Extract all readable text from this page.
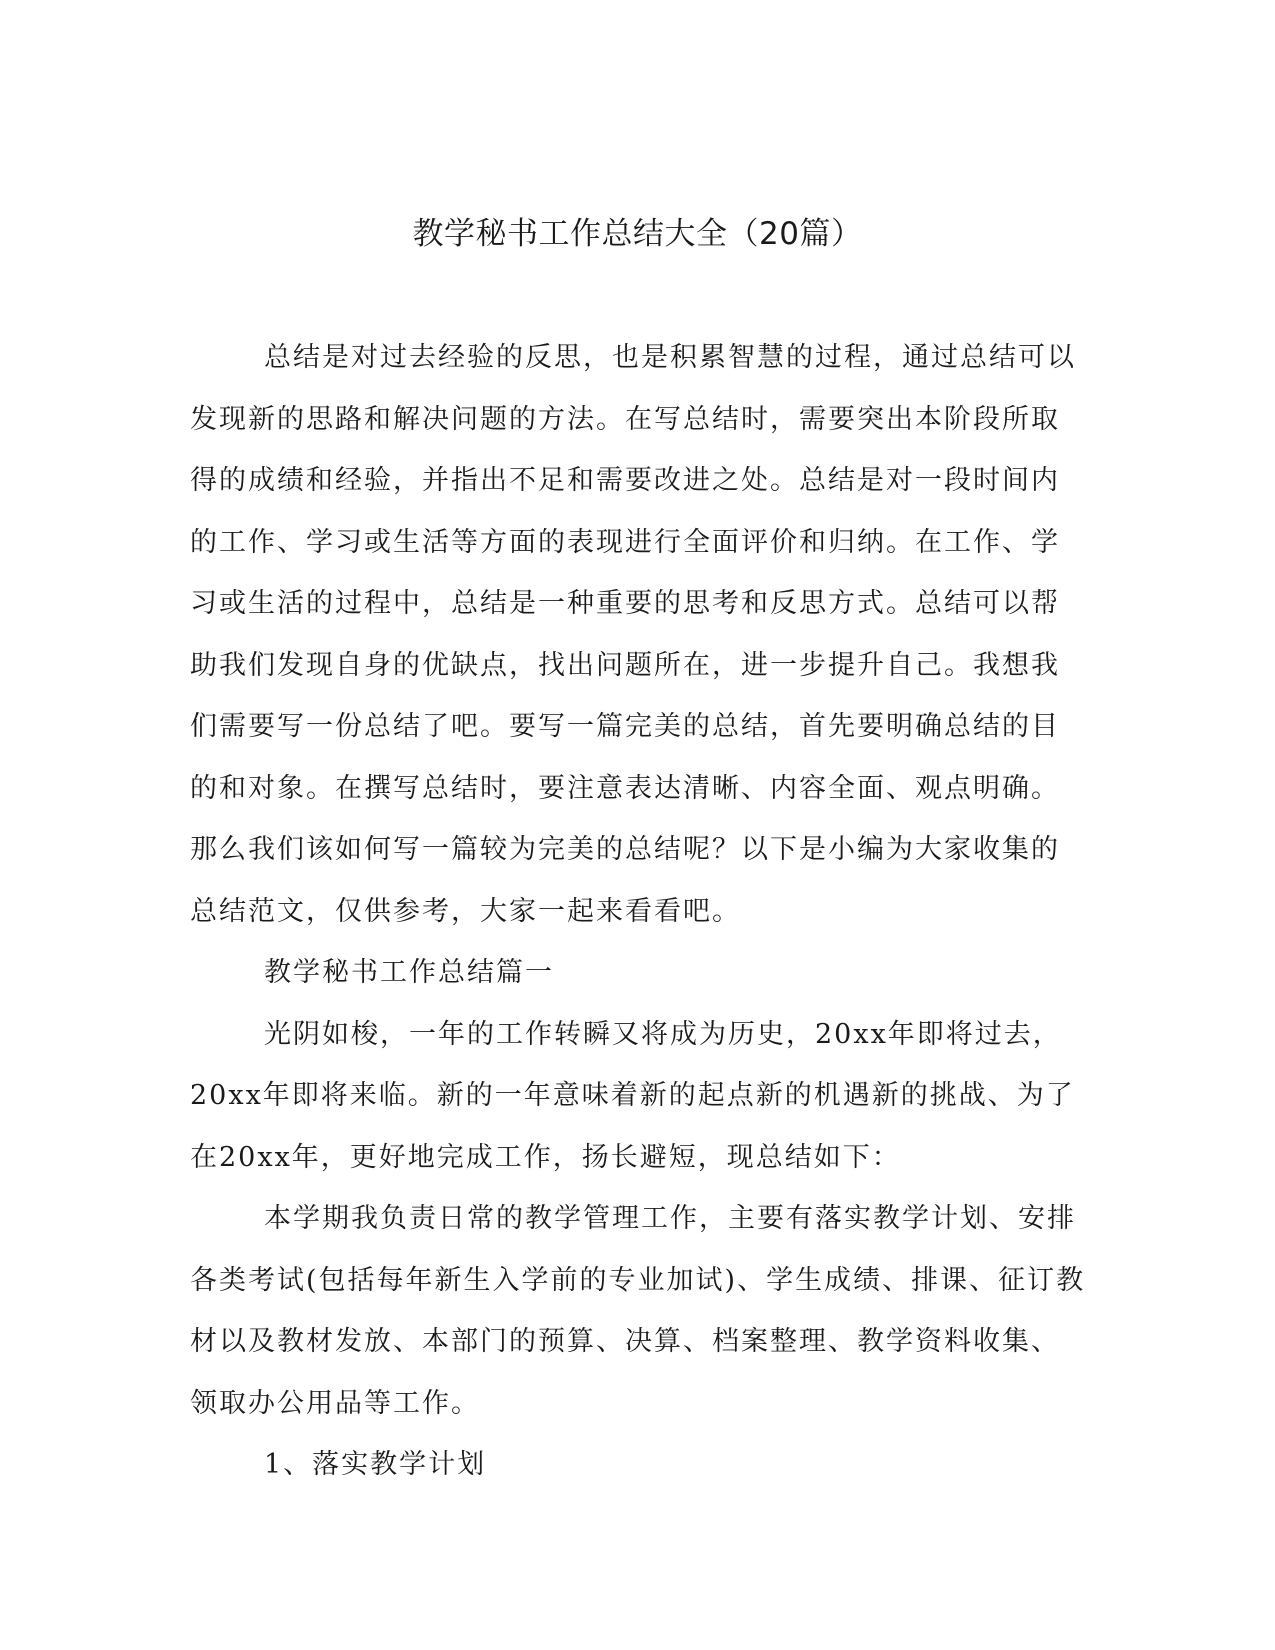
教学秘书工作总结大全（20篇）

总结是对过去经验的反思，也是积累智慧的过程，通过总结可以
发现新的思路和解决问题的方法。在写总结时，需要突出本阶段所取
得的成绩和经验，并指出不足和需要改进之处。总结是对一段时间内
的工作、学习或生活等方面的表现进行全面评价和归纳。在工作、学
习或生活的过程中，总结是一种重要的思考和反思方式。总结可以帮
助我们发现自身的优缺点，找出问题所在，进一步提升自己。我想我
们需要写一份总结了吧。要写一篇完美的总结，首先要明确总结的目
的和对象。在撰写总结时，要注意表达清晰、内容全面、观点明确。
那么我们该如何写一篇较为完美的总结呢？以下是小编为大家收集的
总结范文，仅供参考，大家一起来看看吧。

教学秘书工作总结篇一

光阴如梭，一年的工作转瞬又将成为历史，20xx年即将过去，
20xx年即将来临。新的一年意味着新的起点新的机遇新的挑战、为了
在20xx年，更好地完成工作，扬长避短，现总结如下：

本学期我负责日常的教学管理工作，主要有落实教学计划、安排
各类考试(包括每年新生入学前的专业加试)、学生成绩、排课、征订教
材以及教材发放、本部门的预算、决算、档案整理、教学资料收集、
领取办公用品等工作。

1、落实教学计划
